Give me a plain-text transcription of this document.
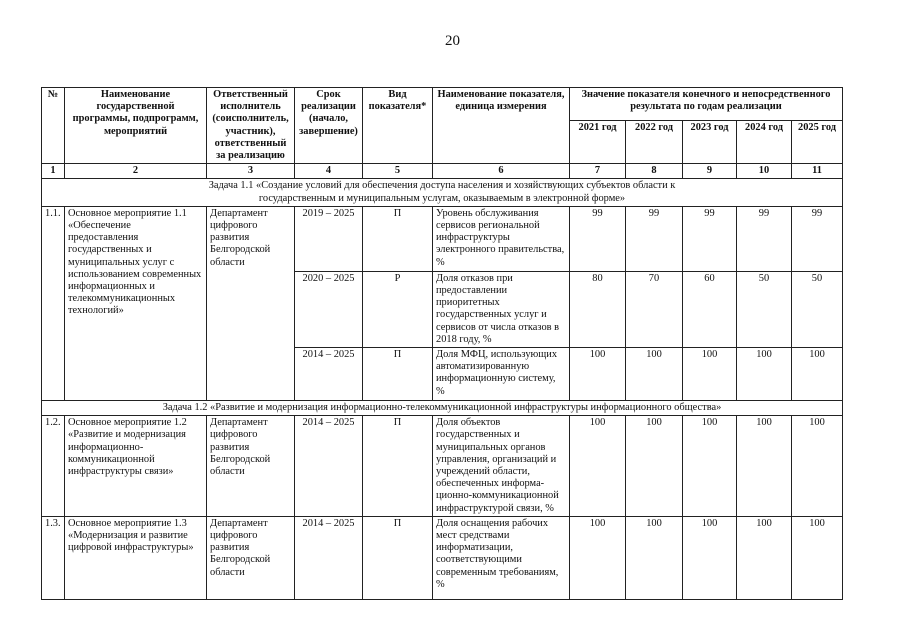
20
№	Наименование государственной программы, подпрограмм, мероприятий	Ответственный исполнитель (соисполнитель, участник), ответственный за реализацию	Срок реализации (начало, завершение)	Вид показателя*	Наименование показателя, единица измерения	Значение показателя конечного и непосредственного результата по годам реализации				
						2021 год	2022 год	2023 год	2024 год	2025 год
1	2	3	4	5	6	7	8	9	10	11
Задача 1.1 «Создание условий для обеспечения доступа населения и хозяйствующих субъектов области к государственным и муниципальным услугам, оказываемым в электронной форме»										
1.1.	Основное мероприятие 1.1 «Обеспечение предоставления государственных и муниципальных услуг с использованием современных информационных и телекоммуникационных технологий»	Департамент цифрового развития Белгородской области	2019 – 2025	П	Уровень обслуживания сервисов региональной инфраструктуры электронного правительства, %	99	99	99	99	99
			2020 – 2025	Р	Доля отказов при предоставлении приоритетных государственных услуг и сервисов от числа отказов в 2018 году, %	80	70	60	50	50
			2014 – 2025	П	Доля МФЦ, использующих автоматизированную информационную систему, %	100	100	100	100	100
Задача 1.2 «Развитие и модернизация информационно-телекоммуникационной инфраструктуры информационного общества»										
1.2.	Основное мероприятие 1.2 «Развитие и модернизация информационно-коммуникационной инфраструктуры связи»	Департамент цифрового развития Белгородской области	2014 – 2025	П	Доля объектов государственных и муниципальных органов управления, организаций и учреждений области, обеспеченных информа-ционно-коммуникационной инфраструктурой связи, %	100	100	100	100	100
1.3.	Основное мероприятие 1.3 «Модернизация и развитие цифровой инфраструктуры»	Департамент цифрового развития Белгородской области	2014 – 2025	П	Доля оснащения рабочих мест средствами информатизации, соответствующими современным требованиям, %	100	100	100	100	100
